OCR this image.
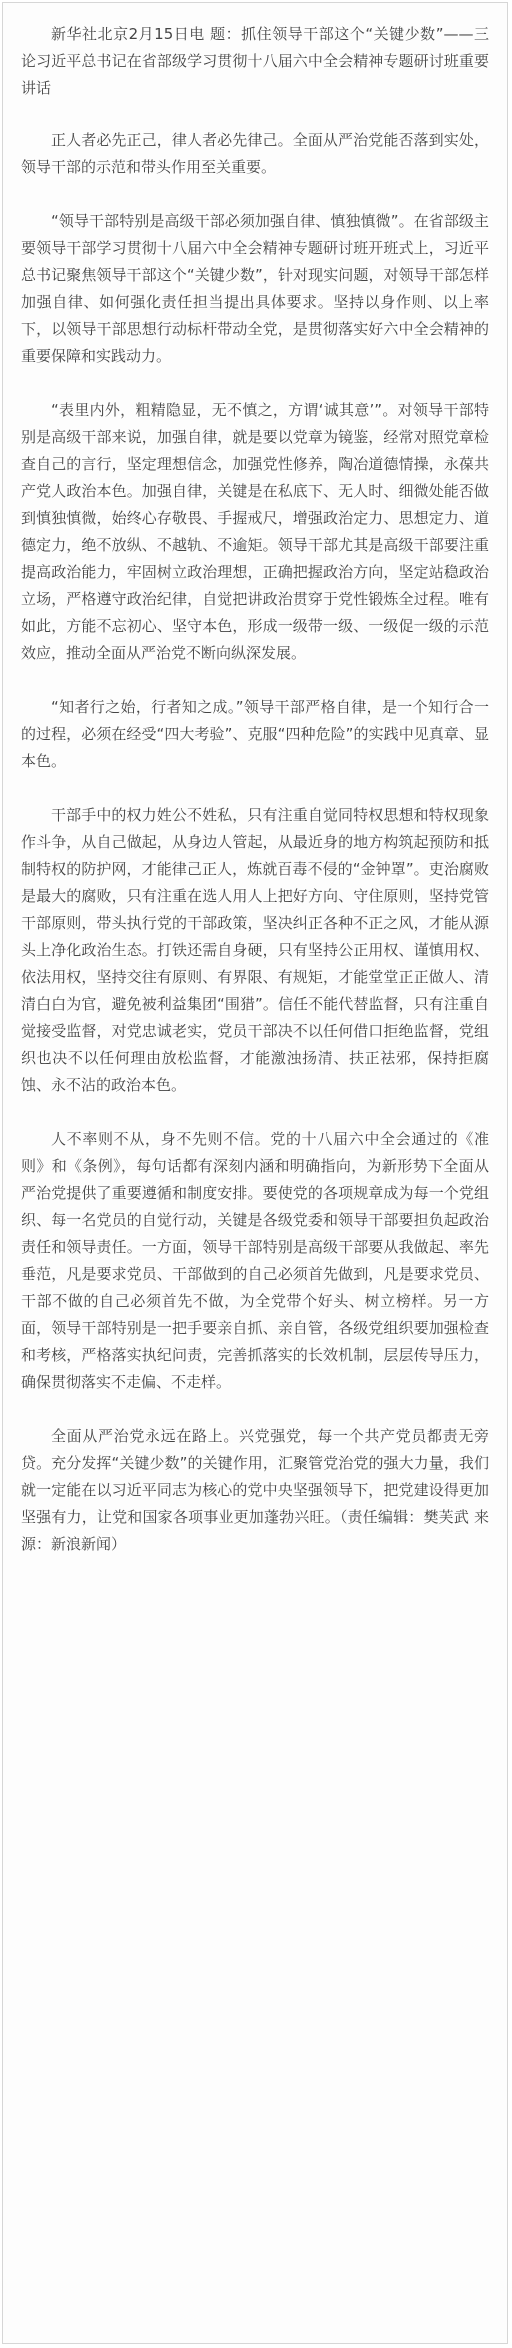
新华社北京2月15日电 题：抓住领导干部这个“关键少数”——三论习近平总书记在省部级学习贯彻十八届六中全会精神专题研讨班重要讲话

正人者必先正己，律人者必先律己。全面从严治党能否落到实处，领导干部的示范和带头作用至关重要。

“领导干部特别是高级干部必须加强自律、慎独慎微”。在省部级主要领导干部学习贯彻十八届六中全会精神专题研讨班开班式上，习近平总书记聚焦领导干部这个“关键少数”，针对现实问题，对领导干部怎样加强自律、如何强化责任担当提出具体要求。坚持以身作则、以上率下，以领导干部思想行动标杆带动全党，是贯彻落实好六中全会精神的重要保障和实践动力。

“表里内外，粗精隐显，无不慎之，方谓‘诚其意’”。对领导干部特别是高级干部来说，加强自律，就是要以党章为镜鉴，经常对照党章检查自己的言行，坚定理想信念，加强党性修养，陶冶道德情操，永葆共产党人政治本色。加强自律，关键是在私底下、无人时、细微处能否做到慎独慎微，始终心存敬畏、手握戒尺，增强政治定力、思想定力、道德定力，绝不放纵、不越轨、不逾矩。领导干部尤其是高级干部要注重提高政治能力，牢固树立政治理想，正确把握政治方向，坚定站稳政治立场，严格遵守政治纪律，自觉把讲政治贯穿于党性锻炼全过程。唯有如此，方能不忘初心、坚守本色，形成一级带一级、一级促一级的示范效应，推动全面从严治党不断向纵深发展。

“知者行之始，行者知之成。”领导干部严格自律，是一个知行合一的过程，必须在经受“四大考验”、克服“四种危险”的实践中见真章、显本色。

干部手中的权力姓公不姓私，只有注重自觉同特权思想和特权现象作斗争，从自己做起，从身边人管起，从最近身的地方构筑起预防和抵制特权的防护网，才能律己正人，炼就百毒不侵的“金钟罩”。吏治腐败是最大的腐败，只有注重在选人用人上把好方向、守住原则，坚持党管干部原则，带头执行党的干部政策，坚决纠正各种不正之风，才能从源头上净化政治生态。打铁还需自身硬，只有坚持公正用权、谨慎用权、依法用权，坚持交往有原则、有界限、有规矩，才能堂堂正正做人、清清白白为官，避免被利益集团“围猎”。信任不能代替监督，只有注重自觉接受监督，对党忠诚老实，党员干部决不以任何借口拒绝监督，党组织也决不以任何理由放松监督，才能激浊扬清、扶正祛邪，保持拒腐蚀、永不沾的政治本色。

人不率则不从，身不先则不信。党的十八届六中全会通过的《准则》和《条例》，每句话都有深刻内涵和明确指向，为新形势下全面从严治党提供了重要遵循和制度安排。要使党的各项规章成为每一个党组织、每一名党员的自觉行动，关键是各级党委和领导干部要担负起政治责任和领导责任。一方面，领导干部特别是高级干部要从我做起、率先垂范，凡是要求党员、干部做到的自己必须首先做到，凡是要求党员、干部不做的自己必须首先不做，为全党带个好头、树立榜样。另一方面，领导干部特别是一把手要亲自抓、亲自管，各级党组织要加强检查和考核，严格落实执纪问责，完善抓落实的长效机制，层层传导压力，确保贯彻落实不走偏、不走样。

全面从严治党永远在路上。兴党强党，每一个共产党员都责无旁贷。充分发挥“关键少数”的关键作用，汇聚管党治党的强大力量，我们就一定能在以习近平同志为核心的党中央坚强领导下，把党建设得更加坚强有力，让党和国家各项事业更加蓬勃兴旺。（责任编辑：樊芙武 来源：新浪新闻）
